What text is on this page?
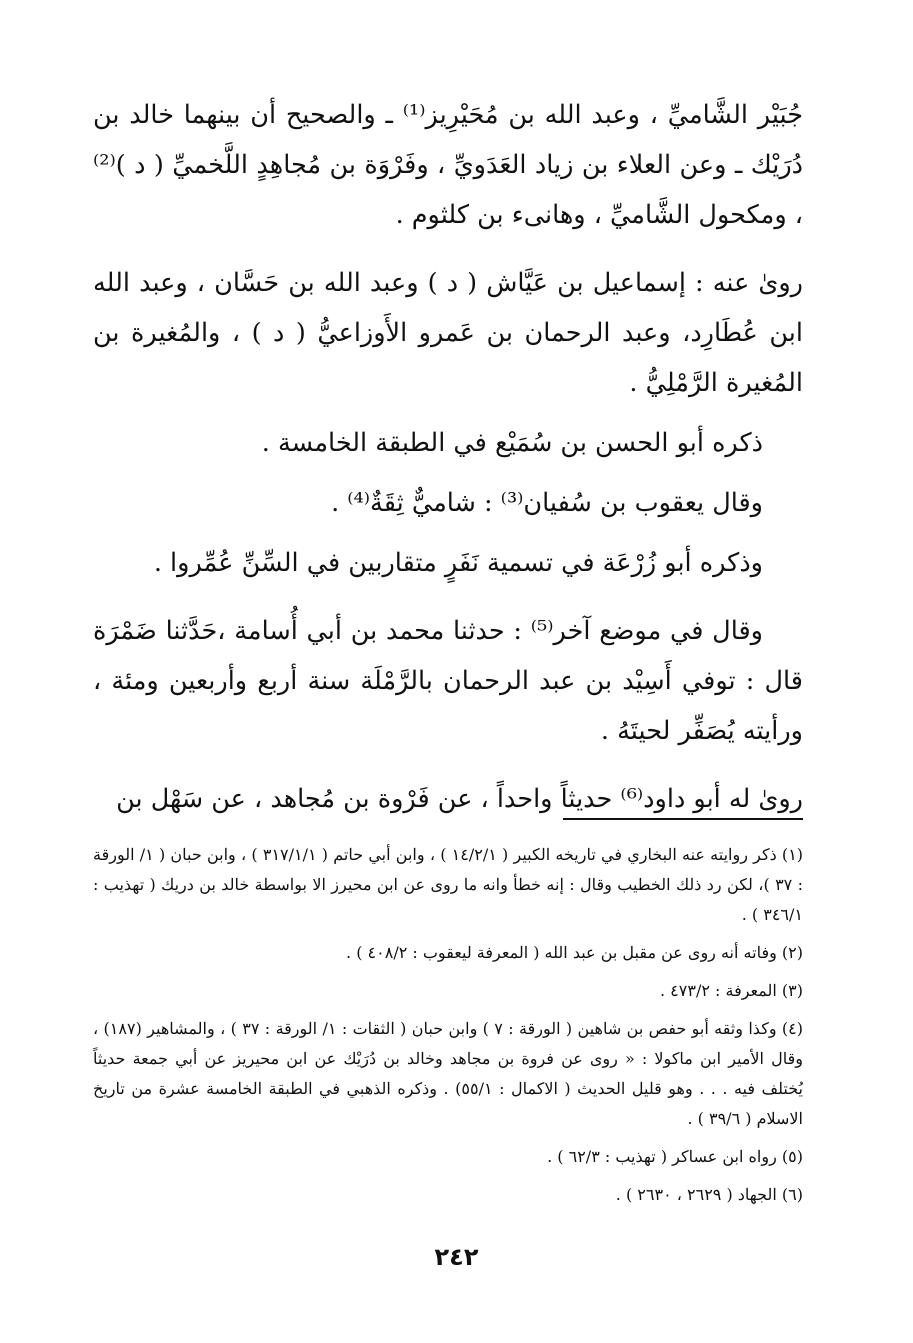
جُبَيْر الشَّاميِّ ، وعبد الله بن مُحَيْرِيز⁽¹⁾ ـ والصحيح أن بينهما خالد بن دُرَيْك ـ وعن العلاء بن زياد العَدَويِّ ، وفَرْوَة بن مُجاهِدٍ اللَّخميِّ ( د )⁽²⁾ ، ومكحول الشَّاميِّ ، وهانىء بن كلثوم .

روىٰ عنه : إسماعيل بن عَيَّاش ( د ) وعبد الله بن حَسَّان ، وعبد الله ابن عُطَارِد، وعبد الرحمان بن عَمرو الأَوزاعيُّ ( د ) ، والمُغيرة بن المُغيرة الرَّمْلِيُّ .

ذكره أبو الحسن بن سُمَيْع في الطبقة الخامسة .

وقال يعقوب بن سُفيان⁽³⁾ : شاميٌّ ثِقَةٌ⁽⁴⁾ .

وذكره أبو زُرْعَة في تسمية نَفَرٍ متقاربين في السِّنِّ عُمِّروا .

وقال في موضع آخر⁽⁵⁾ : حدثنا محمد بن أبي أُسامة ،حَدَّثنا ضَمْرَة قال : توفي أَسِيْد بن عبد الرحمان بالرَّمْلَة سنة أربع وأربعين ومئة ، ورأيته يُصَفِّر لحيتَهُ .

روىٰ له أبو داود⁽⁶⁾ حديثاً واحداً ، عن فَرْوة بن مُجاهد ، عن سَهْل بن

(١) ذكر روايته عنه البخاري في تاريخه الكبير ( ١٤/٢/١ ) ، وابن أبي حاتم ( ٣١٧/١/١ ) ، وابن حبان ( ١/ الورقة : ٣٧ )، لكن رد ذلك الخطيب وقال : إنه خطأ وانه ما روى عن ابن محيرز الا بواسطة خالد بن دريك ( تهذيب : ٣٤٦/١ ) .

(٢) وفاته أنه روى عن مقبل بن عبد الله ( المعرفة ليعقوب : ٤٠٨/٢ ) .

(٣) المعرفة : ٤٧٣/٢ .

(٤) وكذا وثقه أبو حفص بن شاهين ( الورقة : ٧ ) وابن حبان ( الثقات : ١/ الورقة : ٣٧ ) ، والمشاهير (١٨٧) ، وقال الأمير ابن ماكولا : « روى عن فروة بن مجاهد وخالد بن دُرَيْك عن ابن محيريز عن أبي جمعة حديثاً يُختلف فيه . . . وهو قليل الحديث ( الاكمال : ٥٥/١) . وذكره الذهبي في الطبقة الخامسة عشرة من تاريخ الاسلام ( ٣٩/٦ ) .

(٥) رواه ابن عساكر ( تهذيب : ٦٢/٣ ) .

(٦) الجهاد ( ٢٦٢٩ ، ٢٦٣٠ ) .

٢٤٢
